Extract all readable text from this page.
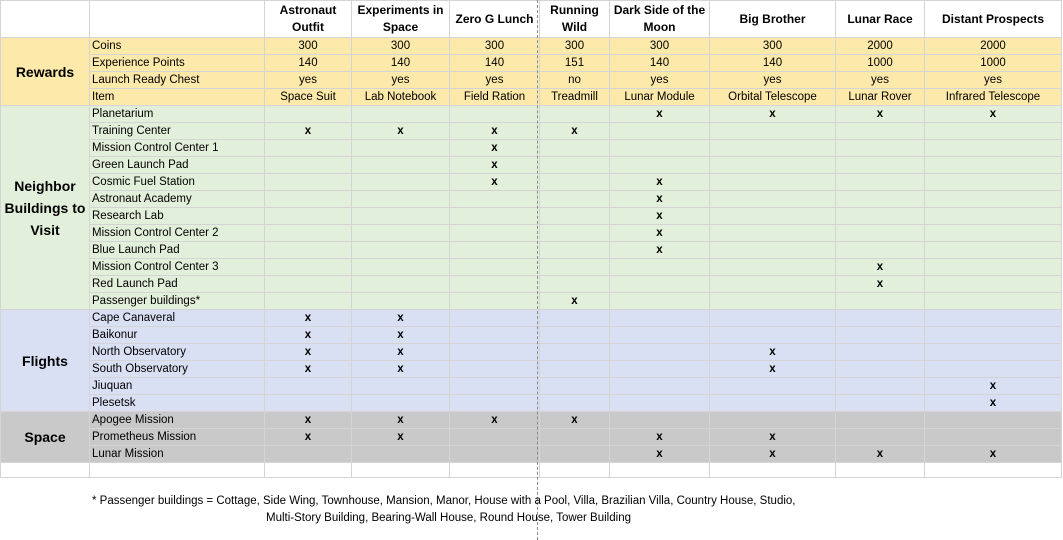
		Astronaut Outfit	Experiments in Space	Zero G Lunch	Running Wild	Dark Side of the Moon	Big Brother	Lunar Race	Distant Prospects
Rewards	Coins	300	300	300	300	300	300	2000	2000
	Experience Points	140	140	140	151	140	140	1000	1000
	Launch Ready Chest	yes	yes	yes	no	yes	yes	yes	yes
	Item	Space Suit	Lab Notebook	Field Ration	Treadmill	Lunar Module	Orbital Telescope	Lunar Rover	Infrared Telescope
Neighbor Buildings to Visit	Planetarium					x	x	x	x
	Training Center	x	x	x	x				
	Mission Control Center 1			x					
	Green Launch Pad			x					
	Cosmic Fuel Station			x		x			
	Astronaut Academy					x			
	Research Lab					x			
	Mission Control Center 2					x			
	Blue Launch Pad					x			
	Mission Control Center 3							x	
	Red Launch Pad							x	
	Passenger buildings*				x				
Flights	Cape Canaveral	x	x						
	Baikonur	x	x						
	North Observatory	x	x				x		
	South Observatory	x	x				x		
	Jiuquan								x
	Plesetsk								x
Space	Apogee Mission	x	x	x	x				
	Prometheus Mission	x	x			x	x		
	Lunar Mission					x	x	x	x

* Passenger buildings = Cottage, Side Wing, Townhouse, Mansion, Manor, House with a Pool, Villa, Brazilian Villa, Country House, Studio,
Multi-Story Building, Bearing-Wall House, Round House, Tower Building
